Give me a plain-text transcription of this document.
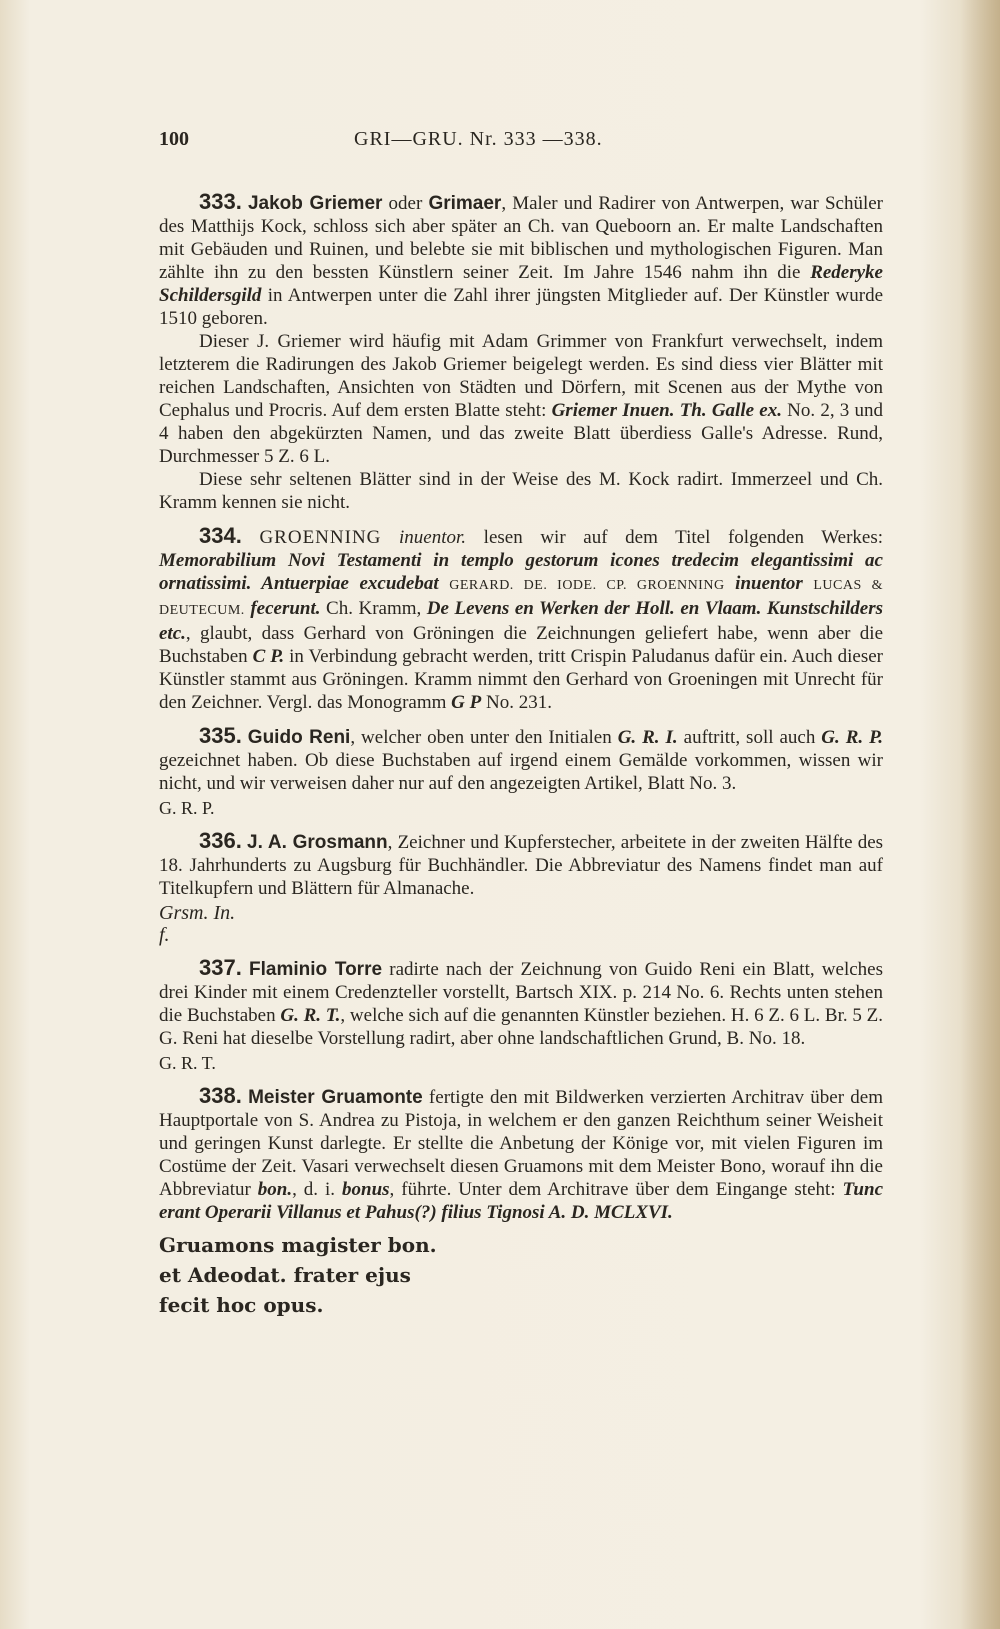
100	GRI—GRU. Nr. 333 —338.

333. Jakob Griemer oder Grimaer, Maler und Radirer von Antwerpen, war Schüler des Matthijs Kock, schloss sich aber später an Ch. van Queboorn an. Er malte Landschaften mit Gebäuden und Ruinen, und belebte sie mit biblischen und mythologischen Figuren. Man zählte ihn zu den bessten Künstlern seiner Zeit. Im Jahre 1546 nahm ihn die Rederyke Schildersgild in Antwerpen unter die Zahl ihrer jüngsten Mitglieder auf. Der Künstler wurde 1510 geboren.

Dieser J. Griemer wird häufig mit Adam Grimmer von Frankfurt verwechselt, indem letzterem die Radirungen des Jakob Griemer beigelegt werden. Es sind diess vier Blätter mit reichen Landschaften, Ansichten von Städten und Dörfern, mit Scenen aus der Mythe von Cephalus und Procris. Auf dem ersten Blatte steht: Griemer Inuen. Th. Galle ex. No. 2, 3 und 4 haben den abgekürzten Namen, und das zweite Blatt überdiess Galle's Adresse. Rund, Durchmesser 5 Z. 6 L.

Diese sehr seltenen Blätter sind in der Weise des M. Kock radirt. Immerzeel und Ch. Kramm kennen sie nicht.

334. GROENNING inuentor. lesen wir auf dem Titel folgenden Werkes: Memorabilium Novi Testamenti in templo gestorum icones tredecim elegantissimi ac ornatissimi. Antuerpiae excudebat GERARD. DE. IODE. CP. GROENNING inuentor LUCAS & DEUTECUM. fecerunt. Ch. Kramm, De Levens en Werken der Holl. en Vlaam. Kunstschilders etc., glaubt, dass Gerhard von Gröningen die Zeichnungen geliefert habe, wenn aber die Buchstaben C P. in Verbindung gebracht werden, tritt Crispin Paludanus dafür ein. Auch dieser Künstler stammt aus Gröningen. Kramm nimmt den Gerhard von Groeningen mit Unrecht für den Zeichner. Vergl. das Monogramm G P No. 231.

335. Guido Reni, welcher oben unter den Initialen G. R. I. auftritt, soll auch G. R. P. gezeichnet haben. Ob diese Buchstaben auf irgend einem Gemälde vorkommen, wissen wir nicht, und wir verweisen daher nur auf den angezeigten Artikel, Blatt No. 3.

G. R. P.

336. J. A. Grosmann, Zeichner und Kupferstecher, arbeitete in der zweiten Hälfte des 18. Jahrhunderts zu Augsburg für Buchhändler. Die Abbreviatur des Namens findet man auf Titelkupfern und Blättern für Almanache.

Grsm. In. f.

337. Flaminio Torre radirte nach der Zeichnung von Guido Reni ein Blatt, welches drei Kinder mit einem Credenzteller vorstellt, Bartsch XIX. p. 214 No. 6. Rechts unten stehen die Buchstaben G. R. T., welche sich auf die genannten Künstler beziehen. H. 6 Z. 6 L. Br. 5 Z. G. Reni hat dieselbe Vorstellung radirt, aber ohne landschaftlichen Grund, B. No. 18.

G. R. T.

338. Meister Gruamonte fertigte den mit Bildwerken verzierten Architrav über dem Hauptportale von S. Andrea zu Pistoja, in welchem er den ganzen Reichthum seiner Weisheit und geringen Kunst darlegte. Er stellte die Anbetung der Könige vor, mit vielen Figuren im Costüme der Zeit. Vasari verwechselt diesen Gruamons mit dem Meister Bono, worauf ihn die Abbreviatur bon., d. i. bonus, führte. Unter dem Architrave über dem Eingange steht: Tunc erant Operarii Villanus et Pahus(?) filius Tignosi A. D. MCLXVI.

Gruamons magister bon.
et Adeodat. frater ejus
fecit hoc opus.
